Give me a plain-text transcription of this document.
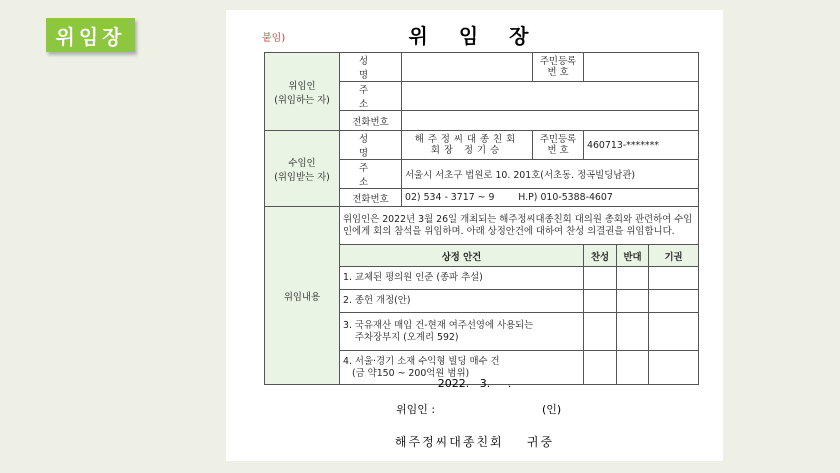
위임장	붙임)	위 임 장
위임인
(위임하는 자)	성 명		주민등록
번 호			
	주 소					
	전화번호					
수임인
(위임받는 자)	성 명	해주정씨대종친회
회장 정기승	주민등록
번 호	460713-*******		
	주 소	서울시 서초구 법원로 10. 201호(서초동. 정곡빌딩남관)				
	전화번호	02) 534 - 3717 ~ 9        H.P) 010-5388-4607				
위임내용	위임인은 2022년 3월 26일 개최되는 해주정씨대종친회 대의원 총회와 관련하여 수임인에게 회의 참석을 위임하며. 아래 상정안건에 대하여 찬성 의결권을 위임합니다.					
	상정 안건			찬성	반대	기권
	1. 교체된 평의원 인준 (종파 추설)					
	2. 종헌 개정(안)					
	3. 국유재산 매입 건-현재 여주선영에 사용되는
주차장부지 (오계리 592)					
	4. 서울·경기 소재 수익형 빌딩 매수 건
(금 약150 ~ 200억원 범위)					
2022.   3.     .
위임인 :	(인)
해주정씨대종친회    귀중
